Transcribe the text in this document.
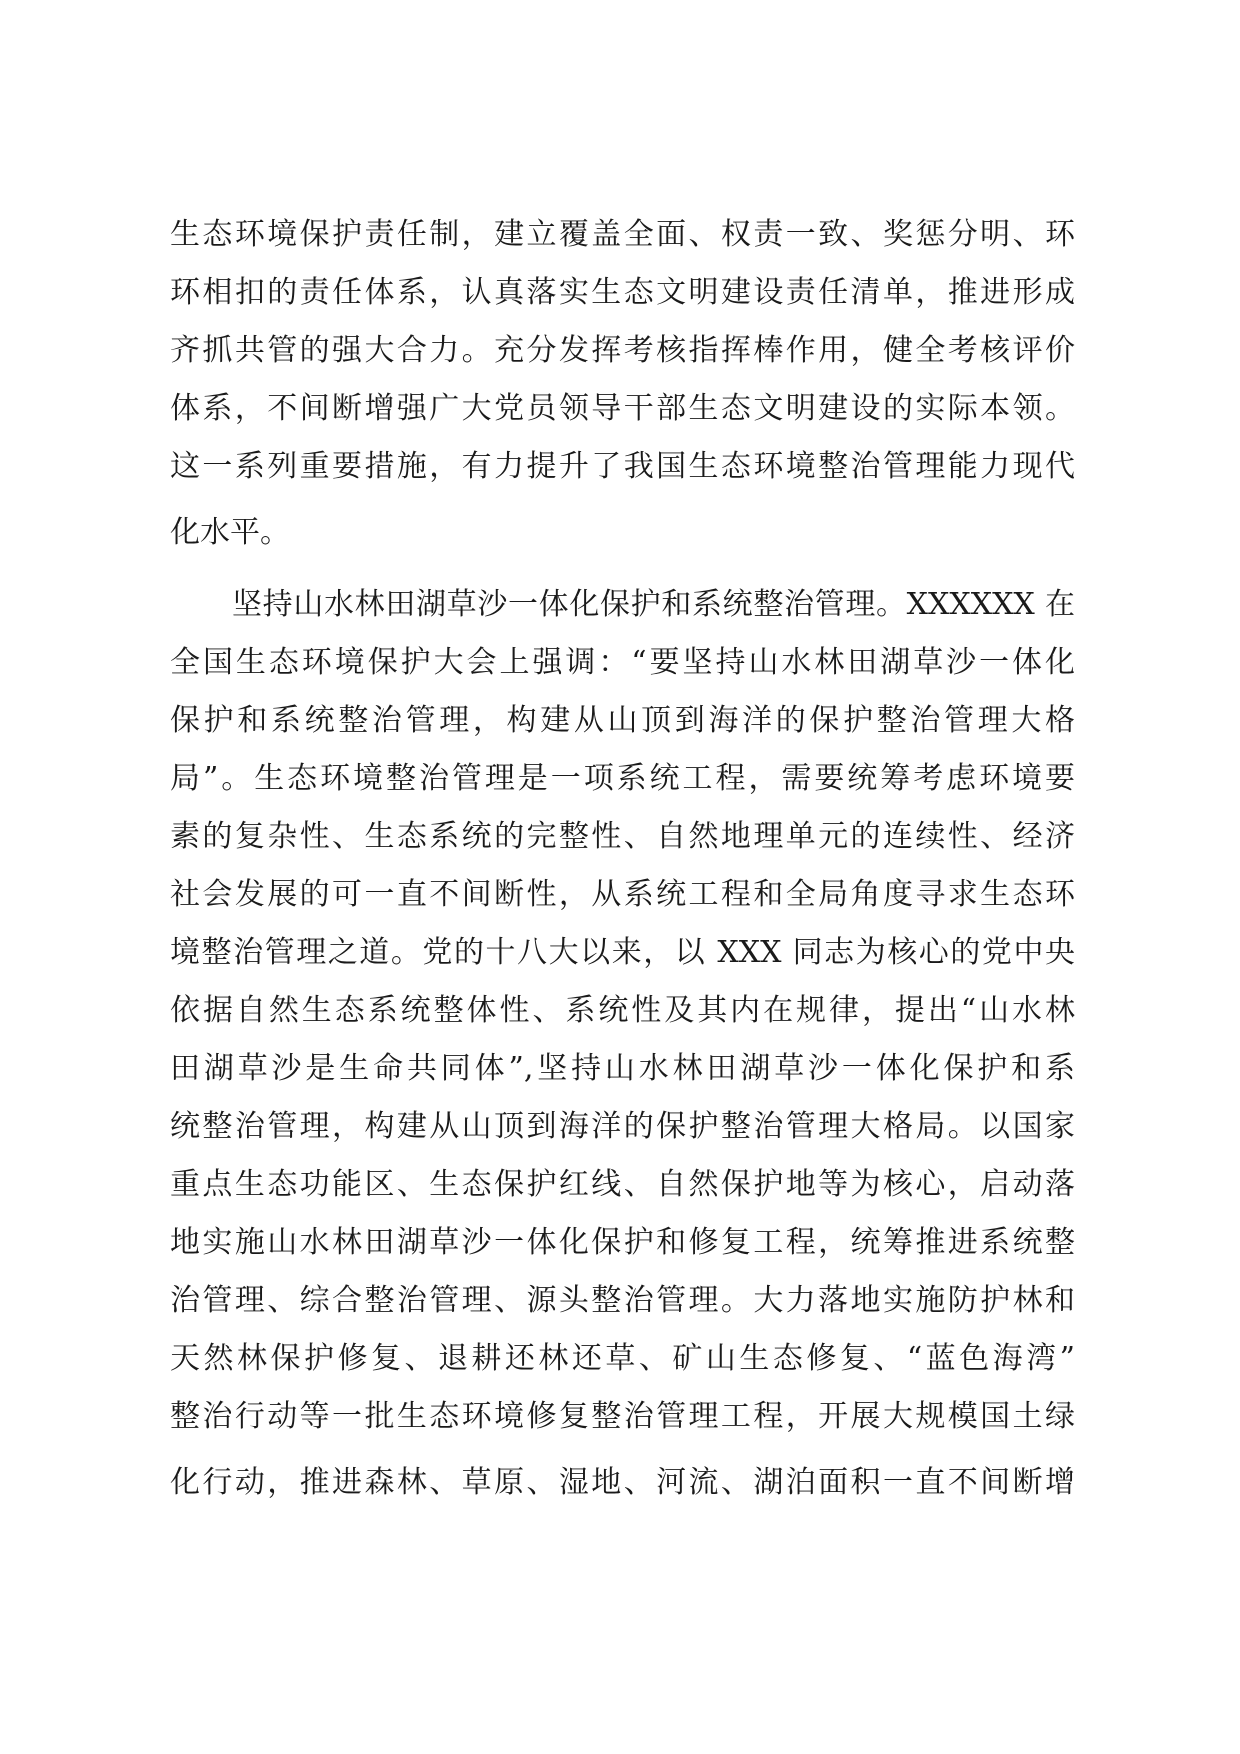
生态环境保护责任制，建立覆盖全面、权责一致、奖惩分明、环
环相扣的责任体系，认真落实生态文明建设责任清单，推进形成
齐抓共管的强大合力。充分发挥考核指挥棒作用，健全考核评价
体系，不间断增强广大党员领导干部生态文明建设的实际本领。
这一系列重要措施，有力提升了我国生态环境整治管理能力现代
化水平。
坚持山水林田湖草沙一体化保护和系统整治管理。XXXXXX 在
全国生态环境保护大会上强调：“要坚持山水林田湖草沙一体化
保护和系统整治管理，构建从山顶到海洋的保护整治管理大格
局”。生态环境整治管理是一项系统工程，需要统筹考虑环境要
素的复杂性、生态系统的完整性、自然地理单元的连续性、经济
社会发展的可一直不间断性，从系统工程和全局角度寻求生态环
境整治管理之道。党的十八大以来，以 XXX 同志为核心的党中央
依据自然生态系统整体性、系统性及其内在规律，提出“山水林
田湖草沙是生命共同体”,坚持山水林田湖草沙一体化保护和系
统整治管理，构建从山顶到海洋的保护整治管理大格局。以国家
重点生态功能区、生态保护红线、自然保护地等为核心，启动落
地实施山水林田湖草沙一体化保护和修复工程，统筹推进系统整
治管理、综合整治管理、源头整治管理。大力落地实施防护林和
天然林保护修复、退耕还林还草、矿山生态修复、“蓝色海湾”
整治行动等一批生态环境修复整治管理工程，开展大规模国土绿
化行动，推进森林、草原、湿地、河流、湖泊面积一直不间断增
